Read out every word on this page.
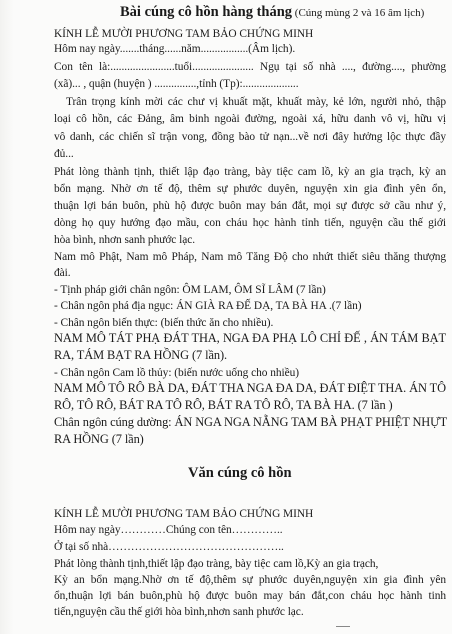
Bài cúng cô hồn hàng tháng (Cúng mùng 2 và 16 âm lịch)
KÍNH LỄ MƯỜI PHƯƠNG TAM BẢO CHỨNG MINH
Hôm nay ngày.......tháng......năm.................(Âm lịch).
Con tên là:.......................tuổi...................... Ngụ tại số nhà ...., đường...., phường
(xã)... , quận (huyện ) ...............,tỉnh (Tp):....................
Trân trọng kính mời các chư vị khuất mặt, khuất mày, kẻ lớn, người nhỏ, thập
loại cô hồn, các Đảng, âm binh ngoài đường, ngoài xá, hữu danh vô vị, hữu vị
vô danh, các chiến sĩ trận vong, đồng bào tử nạn...về nơi đây hưởng lộc thực đầy
đủ...
Phát lòng thành tịnh, thiết lập đạo tràng, bày tiệc cam lồ, kỳ an gia trạch, kỳ an
bổn mạng. Nhờ ơn tế độ, thêm sự phước duyên, nguyện xin gia đình yên ổn,
thuận lợi bán buôn, phù hộ được buôn may bán đắt, mọi sự được sở cầu như ý,
dòng họ quy hướng đạo mầu, con cháu học hành tỉnh tiến, nguyện cầu thế giới
hòa bình, nhơn sanh phước lạc.
Nam mô Phật, Nam mô Pháp, Nam mô Tăng Độ cho nhứt thiết siêu thăng thượng
đài.
- Tịnh pháp giới chân ngôn: ÔM LAM, ÔM SĨ LÂM (7 lần)
- Chân ngôn phá địa ngục: ÁN GIÀ RA ĐẾ DẠ, TA BÀ HA .(7 lần)
- Chân ngôn biến thực: (biến thức ăn cho nhiều).
NAM MÔ TÁT PHẠ ĐÁT THA, NGA ĐA PHẠ LÔ CHỈ ĐẾ , ÁN TÁM BẠT
RA, TÁM BẠT RA HỒNG (7 lần).
- Chân ngôn Cam lồ thủy: (biến nước uống cho nhiều)
NAM MÔ TÔ RÔ BÀ DA, ĐÁT THA NGA ĐA DA, ĐÁT ĐIỆT THA. ÁN TÔ
RÔ, TÔ RÔ, BÁT RA TÔ RÔ, BÁT RA TÔ RÔ, TA BÀ HA. (7 lần )
Chân ngôn cúng dường: ÁN NGA NGA NẴNG TAM BÀ PHẠT PHIỆT NHỰT
RA HỒNG (7 lần)
Văn cúng cô hồn
KÍNH LỄ MƯỜI PHƯƠNG TAM BẢO CHỨNG MINH
Hôm nay ngày…………Chúng con tên…………..
Ở tại số nhà………………………………………..
Phát lòng thành tịnh,thiết lập đạo tràng, bày tiệc cam lồ,Kỳ an gia trạch,
Kỳ an bổn mạng.Nhờ ơn tế độ,thêm sự phước duyên,nguyện xin gia đình yên
ổn,thuận lợi bán buôn,phù hộ được buôn may bán đắt,con cháu học hành tinh
tiến,nguyện cầu thế giới hòa bình,nhơn sanh phước lạc.
